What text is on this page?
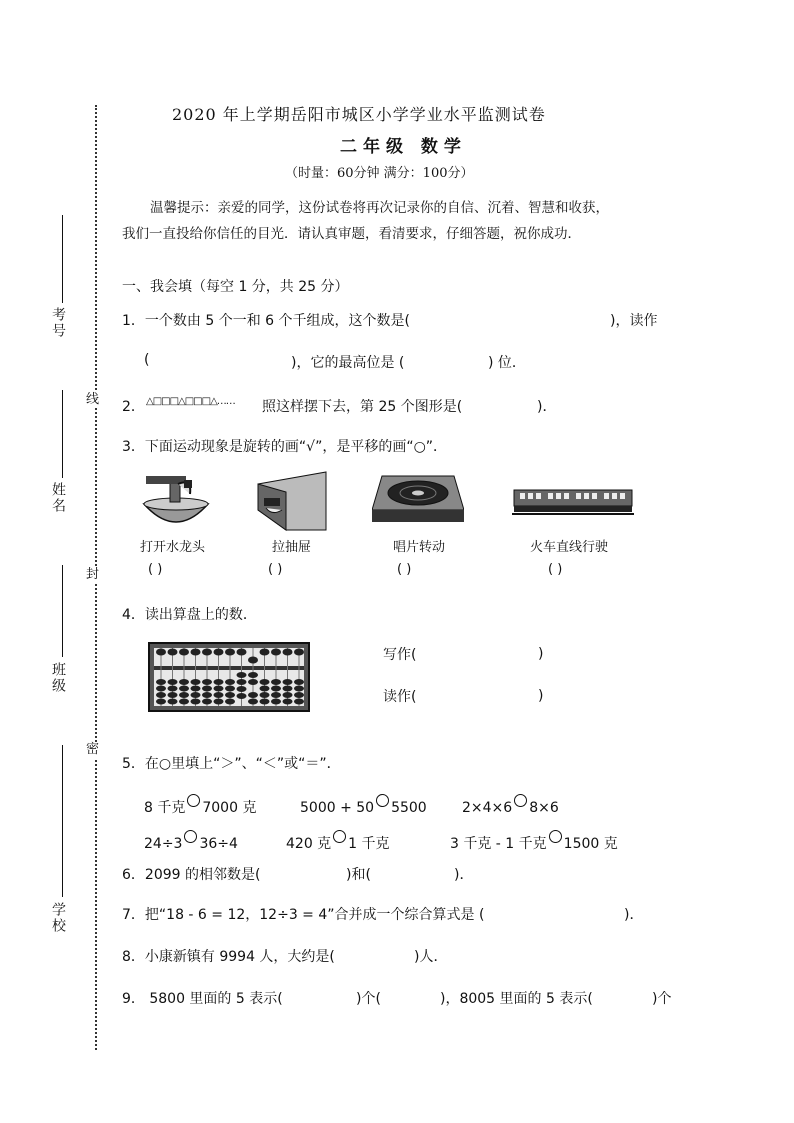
线
封
密
考号
姓名
班级
学校
2020 年上学期岳阳市城区小学学业水平监测试卷
二年级 数学
（时量：60分钟 满分：100分）
温馨提示：亲爱的同学，这份试卷将再次记录你的自信、沉着、智慧和收获，
我们一直投给你信任的目光．请认真审题，看清要求，仔细答题，祝你成功．
一、我会填（每空 1 分，共 25 分）
1．一个数由 5 个一和 6 个千组成，这个数是(	)，读作
(	)，它的最高位是 (	) 位．
2． △□□□△□□□△…… 照这样摆下去，第 25 个图形是(	)．
3．下面运动现象是旋转的画“√”，是平移的画“○”．
打开水龙头	拉抽屉	唱片转动	火车直线行驶
( )	( )	( )	( )
4．读出算盘上的数．
写作(	)
读作(	)
5．在○里填上“＞”、“＜”或“＝”．
8 千克 7000 克	5000 + 50 5500	2×4×6 8×6
24÷3 36÷4	420 克 1 千克	3 千克 - 1 千克 1500 克
6．2099 的相邻数是(	)和(	)．
7．把“18 - 6 = 12，12÷3 = 4”合并成一个综合算式是 (	)．
8．小康新镇有 9994 人，大约是(	)人．
9． 5800 里面的 5 表示(	)个(	)，8005 里面的 5 表示(	)个
